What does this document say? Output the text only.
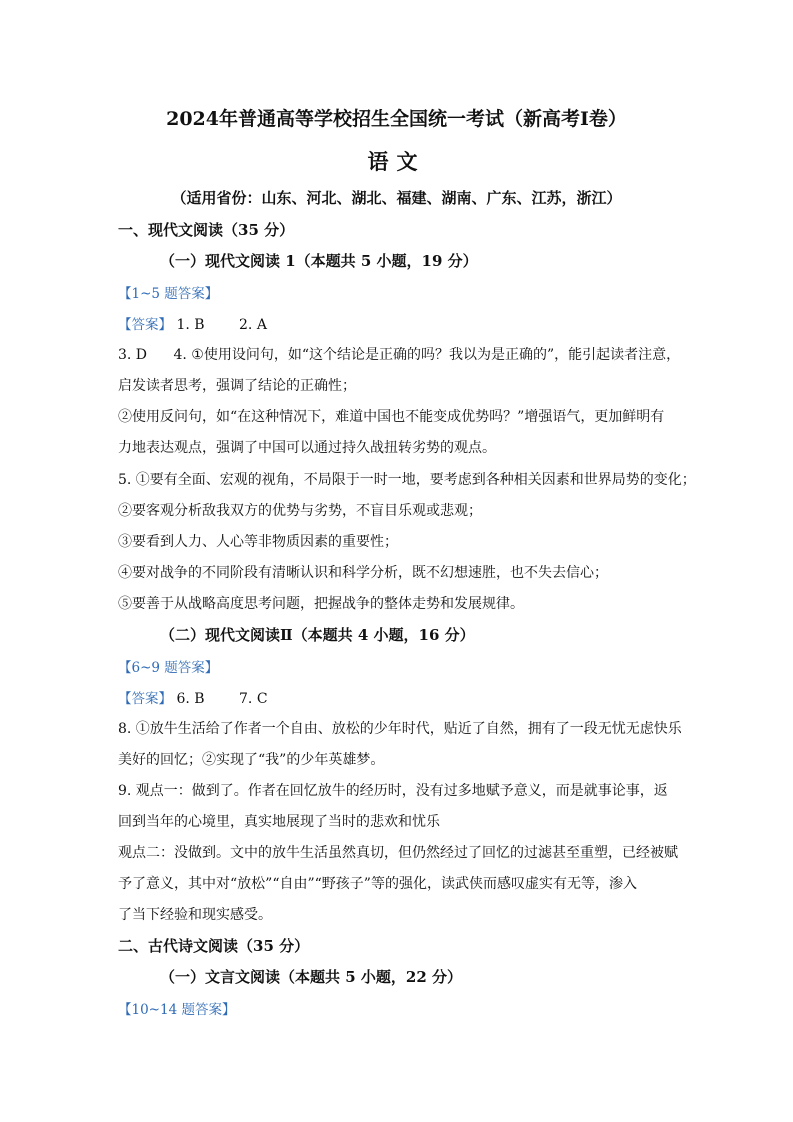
2024年普通高等学校招生全国统一考试（新高考Ⅰ卷）
语文
（适用省份：山东、河北、湖北、福建、湖南、广东、江苏，浙江）
一、现代文阅读（35 分）
（一）现代文阅读 1（本题共 5 小题，19 分）
【1~5 题答案】
【答案】 1. B 2. A
3. D 4. ①使用设问句，如“这个结论是正确的吗？我以为是正确的”，能引起读者注意，
启发读者思考，强调了结论的正确性；
②使用反问句，如“在这种情况下，难道中国也不能变成优势吗？”增强语气，更加鲜明有
力地表达观点，强调了中国可以通过持久战扭转劣势的观点。
5. ①要有全面、宏观的视角，不局限于一时一地，要考虑到各种相关因素和世界局势的变化；
②要客观分析敌我双方的优势与劣势，不盲目乐观或悲观；
③要看到人力、人心等非物质因素的重要性；
④要对战争的不同阶段有清晰认识和科学分析，既不幻想速胜，也不失去信心；
⑤要善于从战略高度思考问题，把握战争的整体走势和发展规律。
（二）现代文阅读Ⅱ（本题共 4 小题，16 分）
【6~9 题答案】
【答案】 6. B 7. C
8. ①放牛生活给了作者一个自由、放松的少年时代，贴近了自然，拥有了一段无忧无虑快乐
美好的回忆；②实现了“我”的少年英雄梦。
9. 观点一：做到了。作者在回忆放牛的经历时，没有过多地赋予意义，而是就事论事，返
回到当年的心境里，真实地展现了当时的悲欢和忧乐
观点二：没做到。文中的放牛生活虽然真切，但仍然经过了回忆的过滤甚至重塑，已经被赋
予了意义，其中对“放松”“自由”“野孩子”等的强化，读武侠而感叹虚实有无等，渗入
了当下经验和现实感受。
二、古代诗文阅读（35 分）
（一）文言文阅读（本题共 5 小题，22 分）
【10~14 题答案】
